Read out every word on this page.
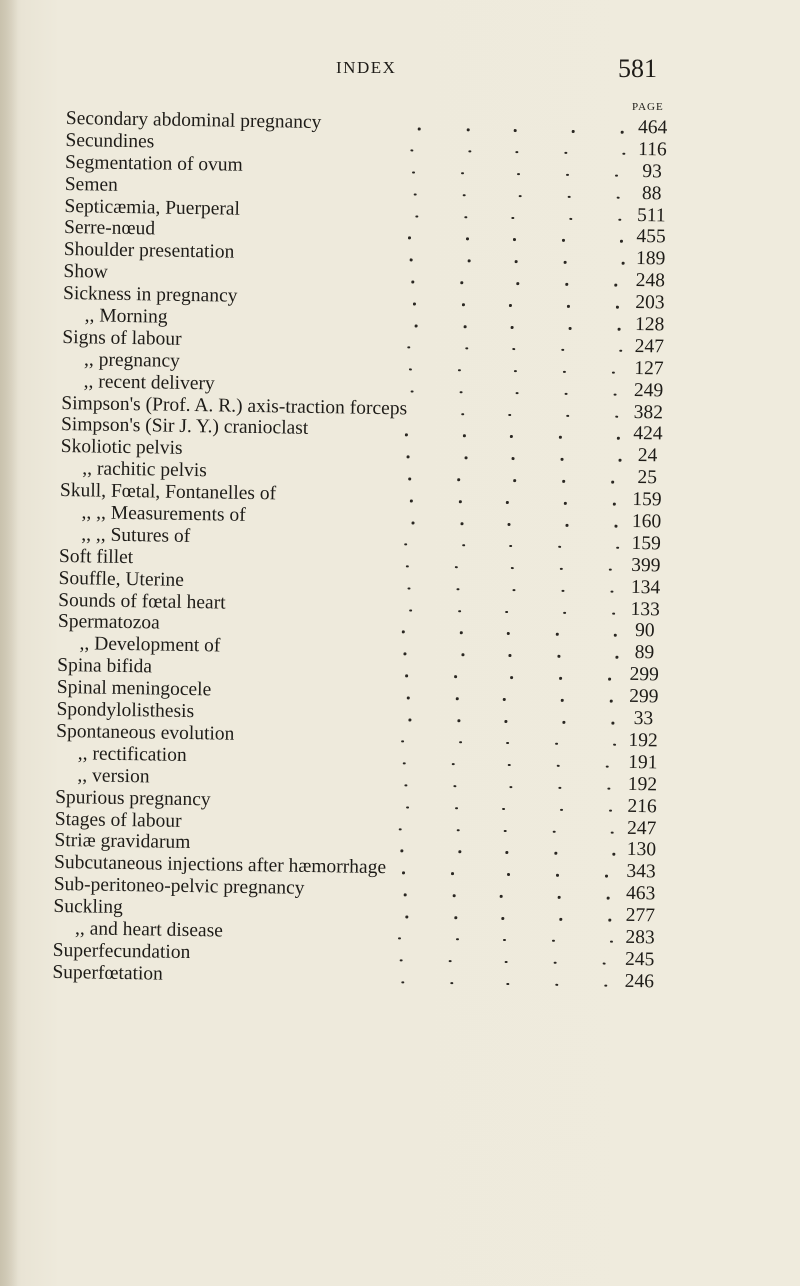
INDEX	581
PAGE
Secondary abdominal pregnancy	464
Secundines	116
Segmentation of ovum	93
Semen	88
Septicæmia, Puerperal	511
Serre-nœud	455
Shoulder presentation	189
Show	248
Sickness in pregnancy	203
,, Morning	128
Signs of labour	247
,, pregnancy	127
,, recent delivery	249
Simpson's (Prof. A. R.) axis-traction forceps	382
Simpson's (Sir J. Y.) cranioclast	424
Skoliotic pelvis	24
,, rachitic pelvis	25
Skull, Fœtal, Fontanelles of	159
,, ,, Measurements of	160
,, ,, Sutures of	159
Soft fillet	399
Souffle, Uterine	134
Sounds of fœtal heart	133
Spermatozoa	90
,, Development of	89
Spina bifida	299
Spinal meningocele	299
Spondylolisthesis	33
Spontaneous evolution	192
,, rectification	191
,, version	192
Spurious pregnancy	216
Stages of labour	247
Striæ gravidarum	130
Subcutaneous injections after hæmorrhage	343
Sub-peritoneo-pelvic pregnancy	463
Suckling	277
,, and heart disease	283
Superfecundation	245
Superfœtation	246
